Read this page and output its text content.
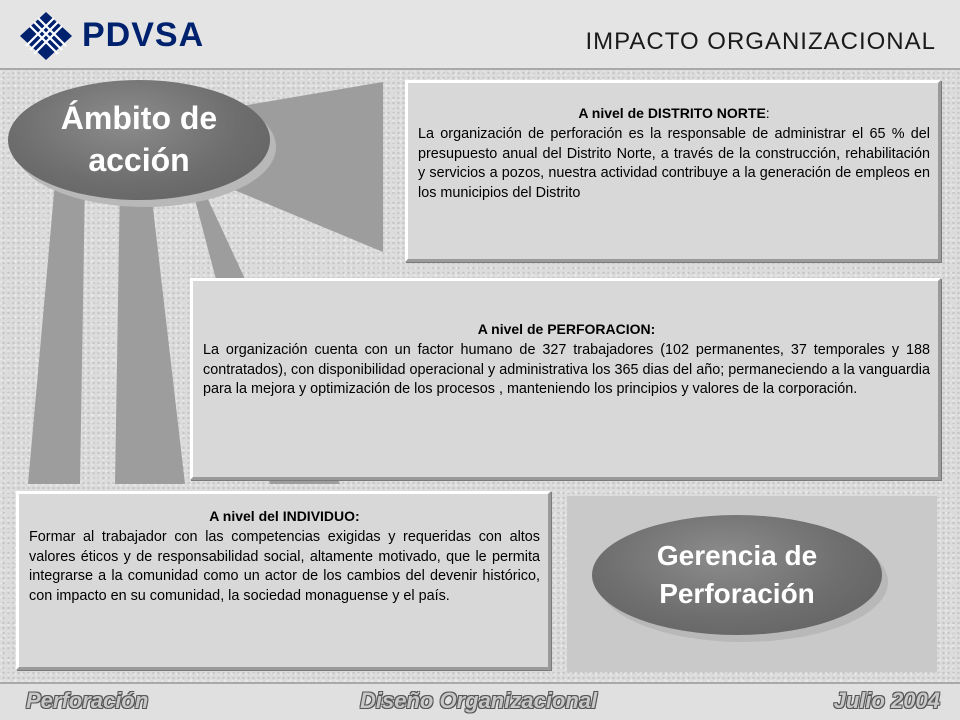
PDVSA	IMPACTO ORGANIZACIONAL
Ámbito de
acción
A nivel de DISTRITO NORTE:

La organización de perforación es la responsable de administrar el 65 % del presupuesto anual del Distrito Norte, a través de la construcción, rehabilitación y servicios a pozos, nuestra actividad contribuye a la generación de empleos en los municipios del Distrito

A nivel de PERFORACION:

La organización cuenta con un factor humano de 327 trabajadores (102 permanentes, 37 temporales y 188 contratados), con disponibilidad operacional y administrativa los 365 dias del año; permaneciendo a la vanguardia para la mejora y optimización de los procesos , manteniendo los principios y valores de la corporación.

A nivel del INDIVIDUO:

Formar al trabajador con las competencias exigidas y requeridas con altos valores éticos y de responsabilidad social, altamente motivado, que le permita integrarse a la comunidad como un actor de los cambios del devenir histórico, con impacto en su comunidad, la sociedad monaguense y el país.

Gerencia de
Perforación
Perforación	Diseño Organizacional	Julio 2004
